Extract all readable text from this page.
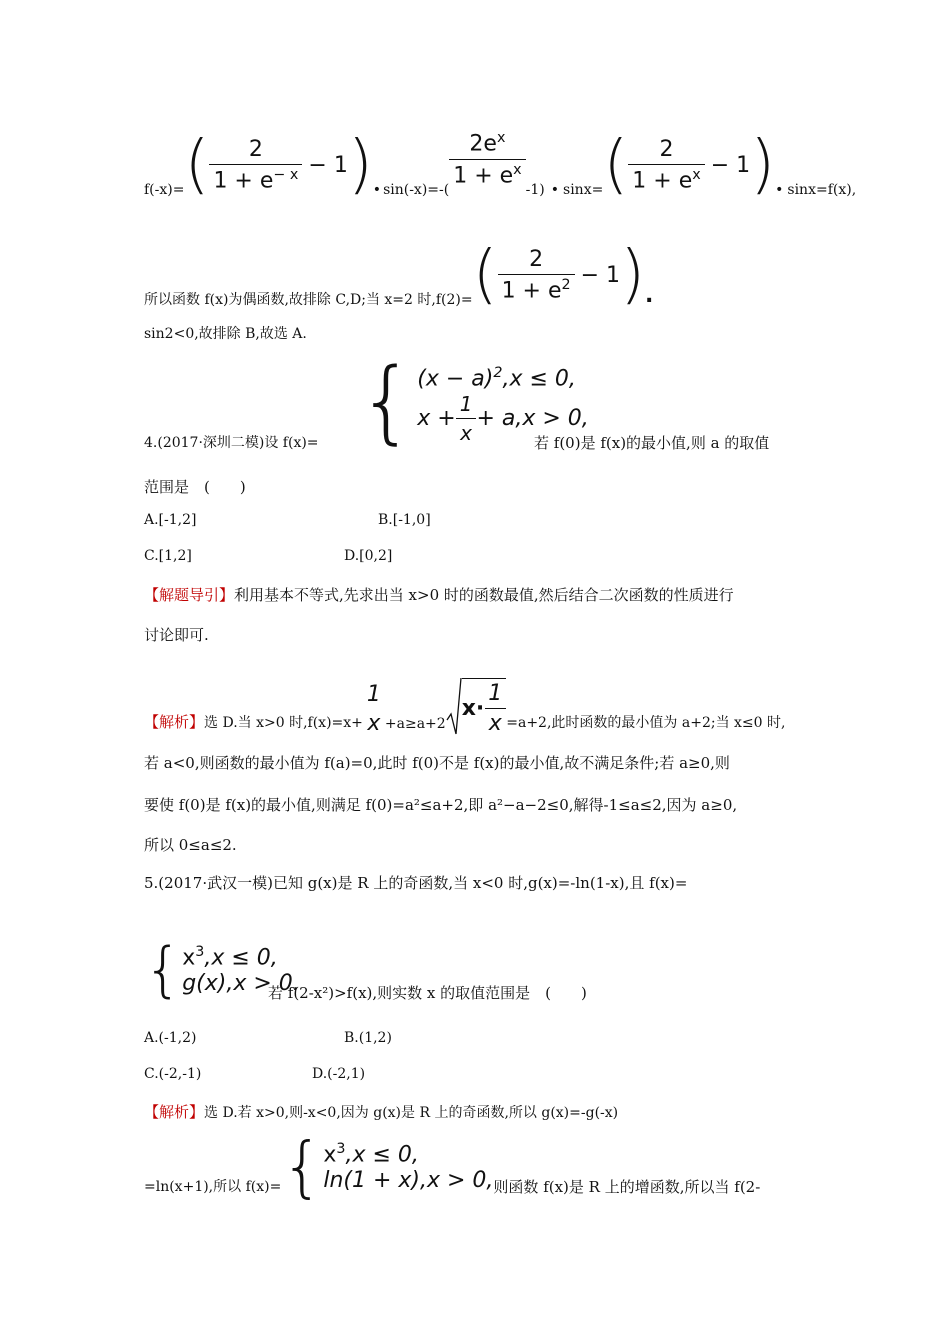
f(-x)= ( $\frac{2}{1 + e^{- x}} - 1$ ) • sin(-x)=-(
$\frac{2e^x}{1 + e^x}$
-1) • sinx= ( $\frac{2}{1 + e^x} - 1$ ) • sinx=f(x),
所以函数 f(x)为偶函数,故排除 C,D;当 x=2 时,f(2)= ( $\frac{2}{1 + e^2} - 1$ ) .
sin2<0,故排除 B,故选 A.
{ $(x - a)^2,x \le 0$,
$x + \frac{1}{x} + a,x > 0$,
4.(2017·深圳二模)设 f(x)=	若 f(0)是 f(x)的最小值,则 a 的取值
范围是　(　　)
A.[-1,2]	B.[-1,0]
C.[1,2]	D.[0,2]
【解题导引】利用基本不等式,先求出当 x>0 时的函数最值,然后结合二次函数的性质进行
讨论即可.
【解析】 选 D.当 x>0 时,f(x)=x+
1
x +a≥a+2
$x\cdot \frac{1}{x} =a+2$,此时函数的最小值为 a+2;当 x≤0 时,
若 a<0,则函数的最小值为 f(a)=0,此时 f(0)不是 f(x)的最小值,故不满足条件;若 a≥0,则
要使 f(0)是 f(x)的最小值,则满足 f(0)=a²≤a+2,即 a²−a−2≤0,解得-1≤a≤2,因为 a≥0,
所以 0≤a≤2.
5.(2017·武汉一模)已知 g(x)是 R 上的奇函数,当 x<0 时,g(x)=-ln(1-x),且 f(x)=
{ $x^3,x \le 0$,
g(x),x > 0.
若 f(2-x²)>f(x),则实数 x 的取值范围是　(　　)
A.(-1,2)	B.(1,2)
C.(-2,-1)	D.(-2,1)
【解析】选 D.若 x>0,则-x<0,因为 g(x)是 R 上的奇函数,所以 g(x)=-g(-x)
=ln(x+1),所以 f(x)= { $x^3,x \le 0$,
ln(1 + x),x > 0, 则函数 f(x)是 R 上的增函数,所以当 f(2-
